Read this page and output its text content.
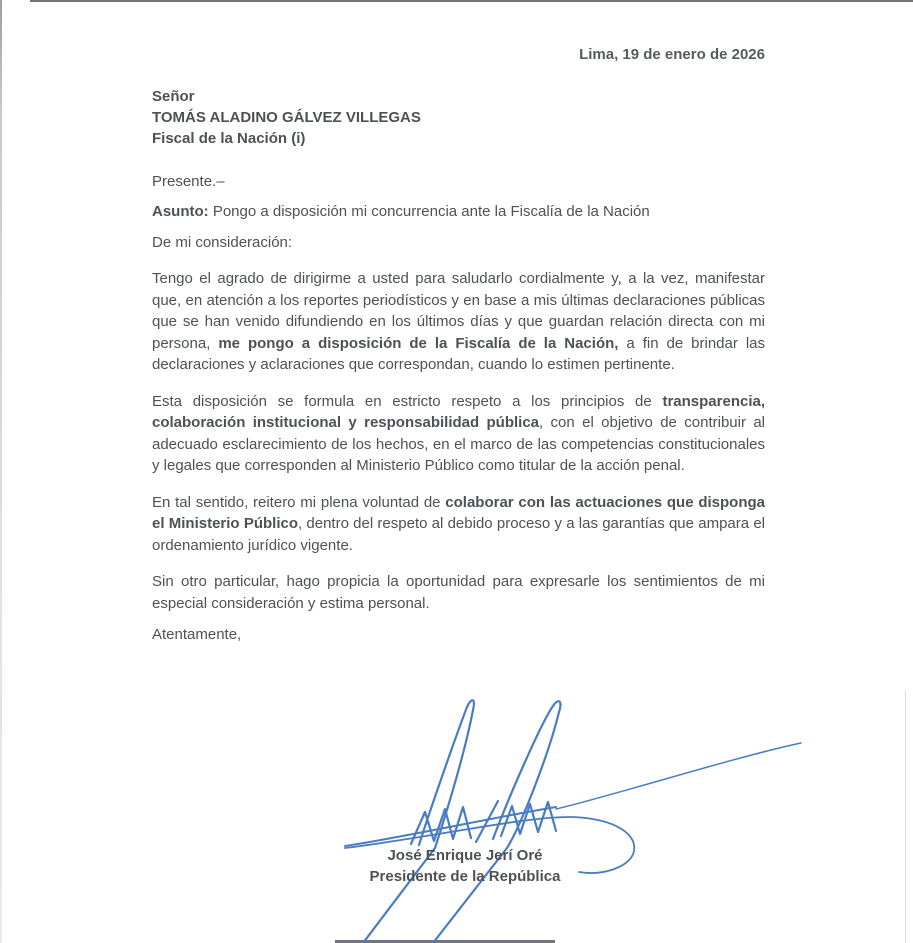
Lima, 19 de enero de 2026
Señor
TOMÁS ALADINO GÁLVEZ VILLEGAS
Fiscal de la Nación (i)
Presente.–
Asunto: Pongo a disposición mi concurrencia ante la Fiscalía de la Nación
De mi consideración:

Tengo el agrado de dirigirme a usted para saludarlo cordialmente y, a la vez, manifestar que, en atención a los reportes periodísticos y en base a mis últimas declaraciones públicas que se han venido difundiendo en los últimos días y que guardan relación directa con mi persona, me pongo a disposición de la Fiscalía de la Nación, a fin de brindar las declaraciones y aclaraciones que correspondan, cuando lo estimen pertinente.

Esta disposición se formula en estricto respeto a los principios de transparencia, colaboración institucional y responsabilidad pública, con el objetivo de contribuir al adecuado esclarecimiento de los hechos, en el marco de las competencias constitucionales y legales que corresponden al Ministerio Público como titular de la acción penal.

En tal sentido, reitero mi plena voluntad de colaborar con las actuaciones que disponga el Ministerio Público, dentro del respeto al debido proceso y a las garantías que ampara el ordenamiento jurídico vigente.

Sin otro particular, hago propicia la oportunidad para expresarle los sentimientos de mi especial consideración y estima personal.

Atentamente,
José Enrique Jerí Oré
Presidente de la República
